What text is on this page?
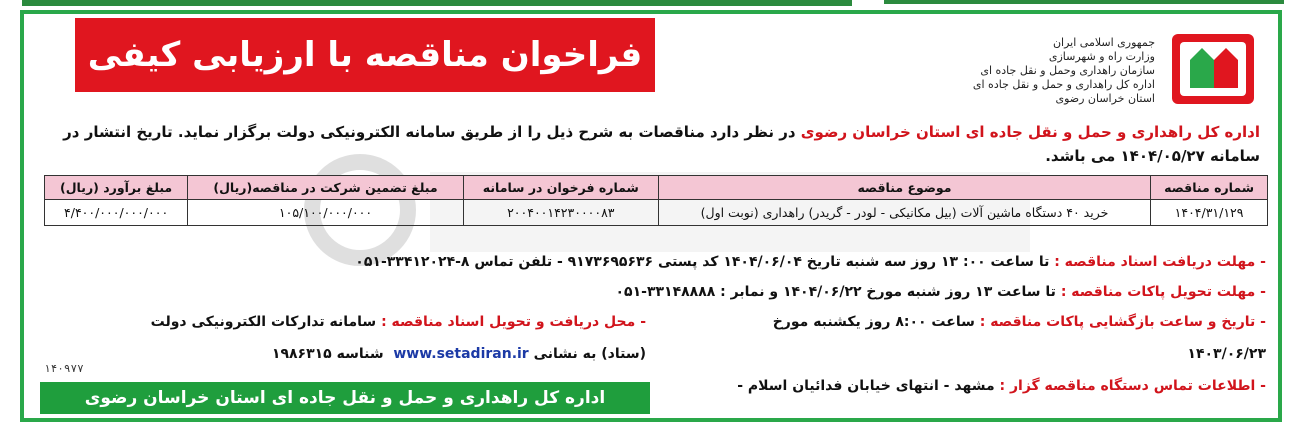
فراخوان مناقصه با ارزیابی کیفی	جمهوری اسلامی ایران
وزارت راه و شهرسازی
سازمان راهداری وحمل و نقل جاده ای
اداره کل راهداری و حمل و نقل جاده ای
استان خراسان رضوی
اداره کل راهداری و حمل و نقل جاده ای استان خراسان رضوی در نظر دارد مناقصات به شرح ذیل را از طریق سامانه الکترونیکی دولت برگزار نماید. تاریخ انتشار در سامانه ۱۴۰۴/۰۵/۲۷ می باشد.
شماره مناقصه	موضوع مناقصه	شماره فرخوان در سامانه	مبلغ تضمین شرکت در مناقصه(ریال)	مبلغ برآورد (ریال)
۱۴۰۴/۳۱/۱۲۹	خرید ۴۰ دستگاه ماشین آلات (بیل مکانیکی - لودر - گریدر) راهداری (نوبت اول)	۲۰۰۴۰۰۱۴۲۳۰۰۰۰۸۳	۱۰۵/۱۰۰/۰۰۰/۰۰۰	۴/۴۰۰/۰۰۰/۰۰۰/۰۰۰
- مهلت دریافت اسناد مناقصه : تا ساعت ۰۰: ۱۳ روز سه شنبه تاریخ ۱۴۰۴/۰۶/۰۴ کد پستی ۹۱۷۳۶۹۵۶۳۶ - تلفن تماس ۸-۳۳۴۱۲۰۲۴-۰۵۱
- مهلت تحویل پاکات مناقصه : تا ساعت ۱۳ روز شنبه مورخ ۱۴۰۴/۰۶/۲۲ و نمابر : ۳۳۱۴۸۸۸۸-۰۵۱
- تاریخ و ساعت بازگشایی پاکات مناقصه : ساعت ۸:۰۰ روز یکشنبه مورخ
- محل دریافت و تحویل اسناد مناقصه : سامانه تدارکات الکترونیکی دولت
۱۴۰۳/۰۶/۲۳
(ستاد) به نشانی www.setadiran.ir  شناسه ۱۹۸۶۳۱۵
- اطلاعات تماس دستگاه مناقصه گزار : مشهد - انتهای خیابان فدائیان اسلام -
۱۴۰۹۷۷
اداره کل راهداری و حمل و نقل جاده ای استان خراسان رضوی
